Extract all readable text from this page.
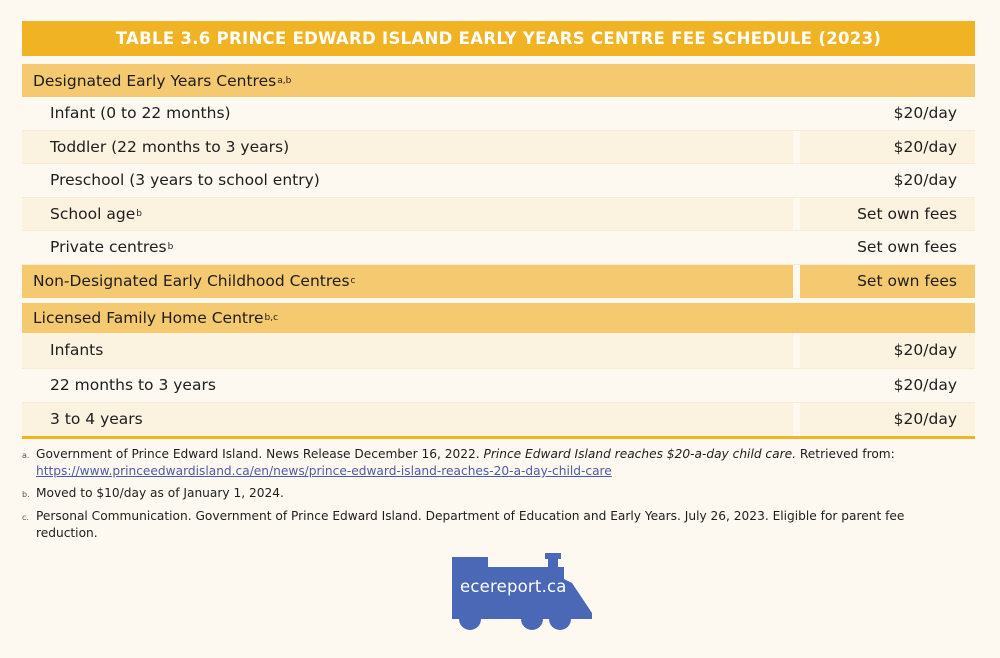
TABLE 3.6 PRINCE EDWARD ISLAND EARLY YEARS CENTRE FEE SCHEDULE (2023)
Designated Early Years Centres a,b
Infant (0 to 22 months)	$20/day
Toddler (22 months to 3 years)	$20/day
Preschool (3 years to school entry)	$20/day
School age b	Set own fees
Private centres b	Set own fees
Non-Designated Early Childhood Centres c	Set own fees
Licensed Family Home Centre b,c
Infants	$20/day
22 months to 3 years	$20/day
3 to 4 years	$20/day
a. Government of Prince Edward Island. News Release December 16, 2022. Prince Edward Island reaches $20-a-day child care. Retrieved from: https://www.princeedwardisland.ca/en/news/prince-edward-island-reaches-20-a-day-child-care
b. Moved to $10/day as of January 1, 2024.
c. Personal Communication. Government of Prince Edward Island. Department of Education and Early Years. July 26, 2023. Eligible for parent fee reduction.
ecereport.ca
